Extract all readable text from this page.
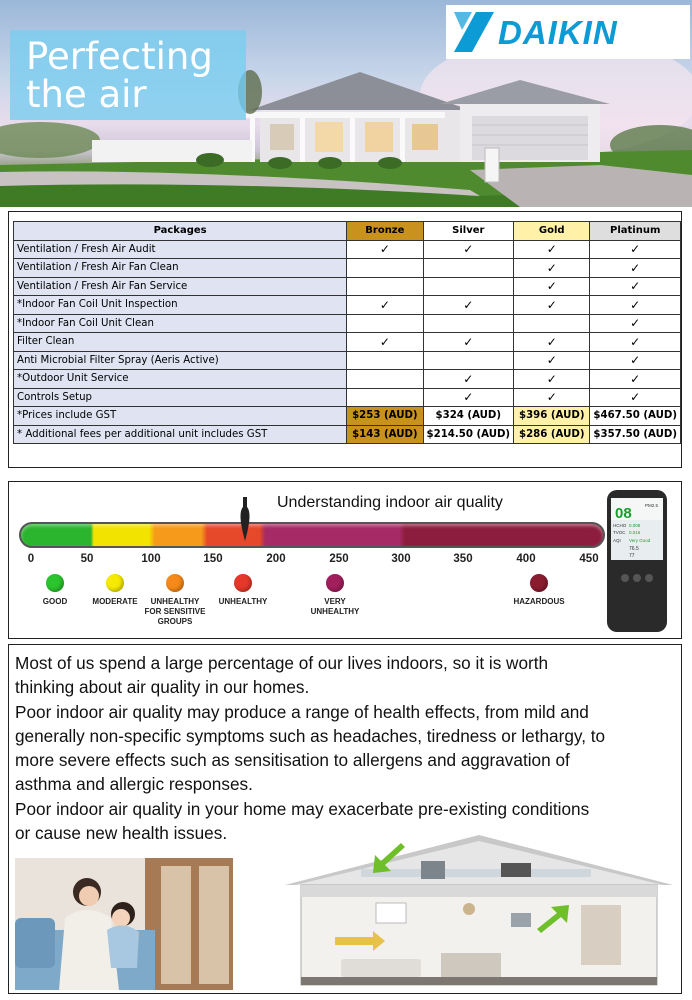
Perfecting
the air
DAIKIN
Packages	Bronze	Silver	Gold	Platinum
Ventilation / Fresh Air Audit	✓	✓	✓	✓
Ventilation / Fresh Air Fan Clean			✓	✓
Ventilation / Fresh Air Fan Service			✓	✓
*Indoor Fan Coil Unit Inspection	✓	✓	✓	✓
*Indoor Fan Coil Unit Clean				✓
Filter Clean	✓	✓	✓	✓
Anti Microbial Filter Spray (Aeris Active)			✓	✓
*Outdoor Unit Service		✓	✓	✓
Controls Setup		✓	✓	✓
*Prices include GST	$253 (AUD)	$324 (AUD)	$396 (AUD)	$467.50 (AUD)
* Additional fees per additional unit includes GST	$143 (AUD)	$214.50 (AUD)	$286 (AUD)	$357.50 (AUD)
Understanding indoor air quality
0	50	100	150	200	250	300	350	400	450
GOOD	MODERATE	UNHEALTHY
FOR SENSITIVE
GROUPS
UNHEALTHY	VERY
UNHEALTHY
HAZARDOUS
08	PM2.5
HCHO 0.008
TVOC 0.016
AQI Very Good
76.5
77

Most of us spend a large percentage of our lives indoors, so it is worth
thinking about air quality in our homes.
Poor indoor air quality may produce a range of health effects, from mild and
generally non-specific symptoms such as headaches, tiredness or lethargy, to
more severe effects such as sensitisation to allergens and aggravation of
asthma and allergic responses.
Poor indoor air quality in your home may exacerbate pre-existing conditions
or cause new health issues.
